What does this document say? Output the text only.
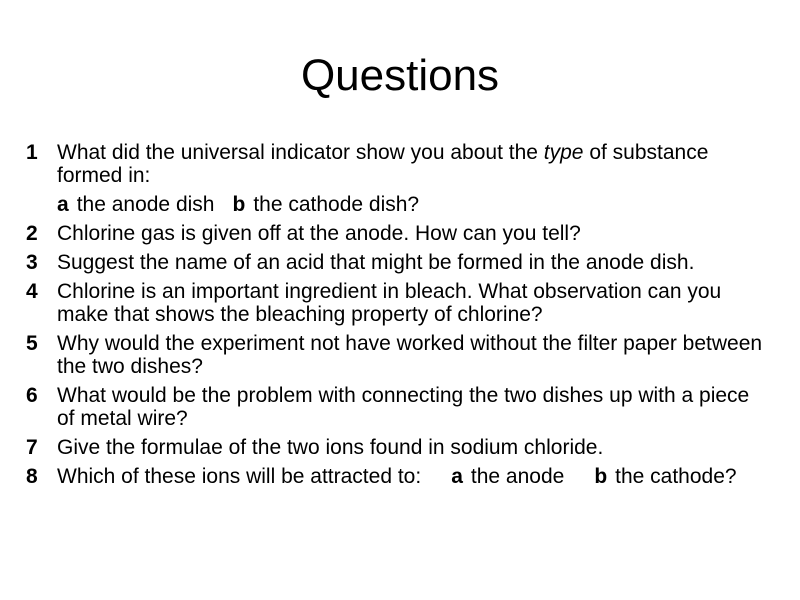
Questions
1 What did the universal indicator show you about the type of substance formed in:
a the anode dish b the cathode dish?
2 Chlorine gas is given off at the anode. How can you tell?
3 Suggest the name of an acid that might be formed in the anode dish.
4 Chlorine is an important ingredient in bleach. What observation can you make that shows the bleaching property of chlorine?
5 Why would the experiment not have worked without the filter paper between the two dishes?
6 What would be the problem with connecting the two dishes up with a piece of metal wire?
7 Give the formulae of the two ions found in sodium chloride.
8 Which of these ions will be attracted to: a the anode b the cathode?
